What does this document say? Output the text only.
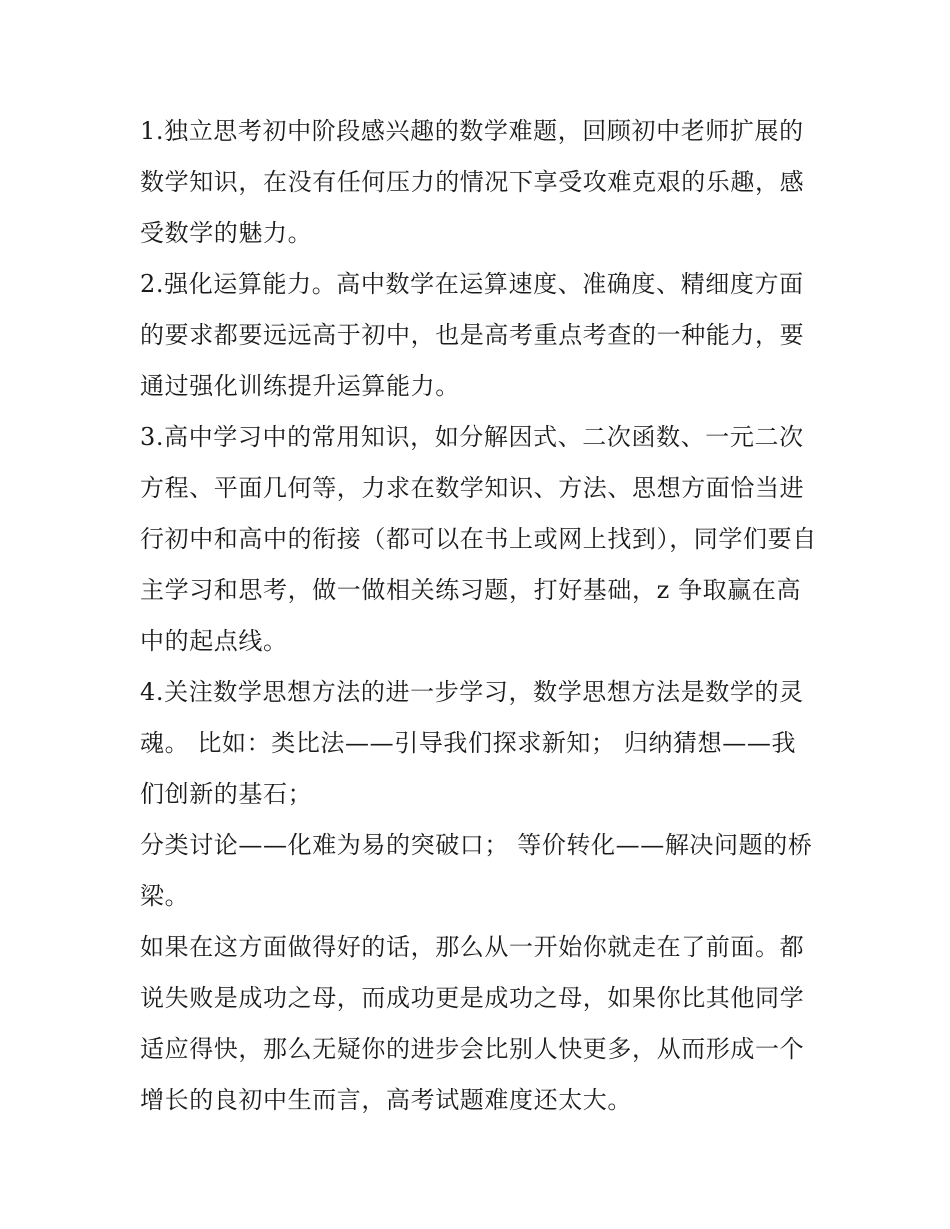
1.独立思考初中阶段感兴趣的数学难题，回顾初中老师扩展的数学知识，在没有任何压力的情况下享受攻难克艰的乐趣，感受数学的魅力。

2.强化运算能力。高中数学在运算速度、准确度、精细度方面的要求都要远远高于初中，也是高考重点考查的一种能力，要通过强化训练提升运算能力。

3.高中学习中的常用知识，如分解因式、二次函数、一元二次方程、平面几何等，力求在数学知识、方法、思想方面恰当进行初中和高中的衔接（都可以在书上或网上找到），同学们要自主学习和思考，做一做相关练习题，打好基础，z 争取赢在高中的起点线。

4.关注数学思想方法的进一步学习，数学思想方法是数学的灵魂。 比如：类比法——引导我们探求新知； 归纳猜想——我们创新的基石；

分类讨论——化难为易的突破口； 等价转化——解决问题的桥梁。

如果在这方面做得好的话，那么从一开始你就走在了前面。都说失败是成功之母，而成功更是成功之母，如果你比其他同学适应得快，那么无疑你的进步会比别人快更多，从而形成一个增长的良初中生而言，高考试题难度还太大。
